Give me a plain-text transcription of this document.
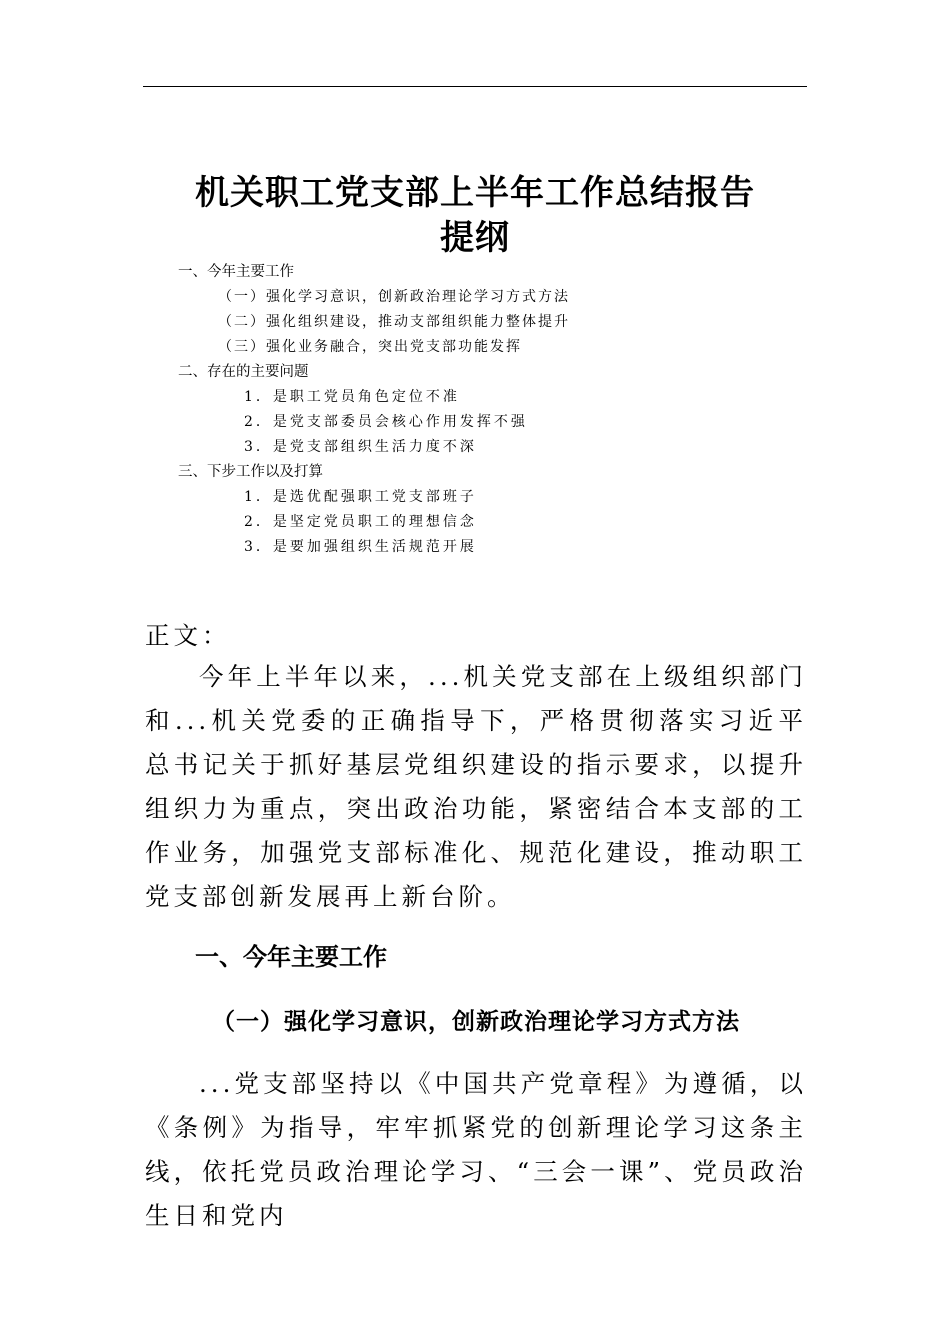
机关职工党支部上半年工作总结报告
提纲
一、今年主要工作
（一）强化学习意识，创新政治理论学习方式方法
（二）强化组织建设，推动支部组织能力整体提升
（三）强化业务融合，突出党支部功能发挥
二、存在的主要问题
1．是职工党员角色定位不准
2．是党支部委员会核心作用发挥不强
3．是党支部组织生活力度不深
三、下步工作以及打算
1．是选优配强职工党支部班子
2．是坚定党员职工的理想信念
3．是要加强组织生活规范开展

正文：

今年上半年以来，...机关党支部在上级组织部门和...机关党委的正确指导下，严格贯彻落实习近平总书记关于抓好基层党组织建设的指示要求，以提升组织力为重点，突出政治功能，紧密结合本支部的工作业务，加强党支部标准化、规范化建设，推动职工党支部创新发展再上新台阶。

一、今年主要工作
（一）强化学习意识，创新政治理论学习方式方法

...党支部坚持以《中国共产党章程》为遵循，以《条例》为指导，牢牢抓紧党的创新理论学习这条主线，依托党员政治理论学习、“三会一课”、党员政治生日和党内
